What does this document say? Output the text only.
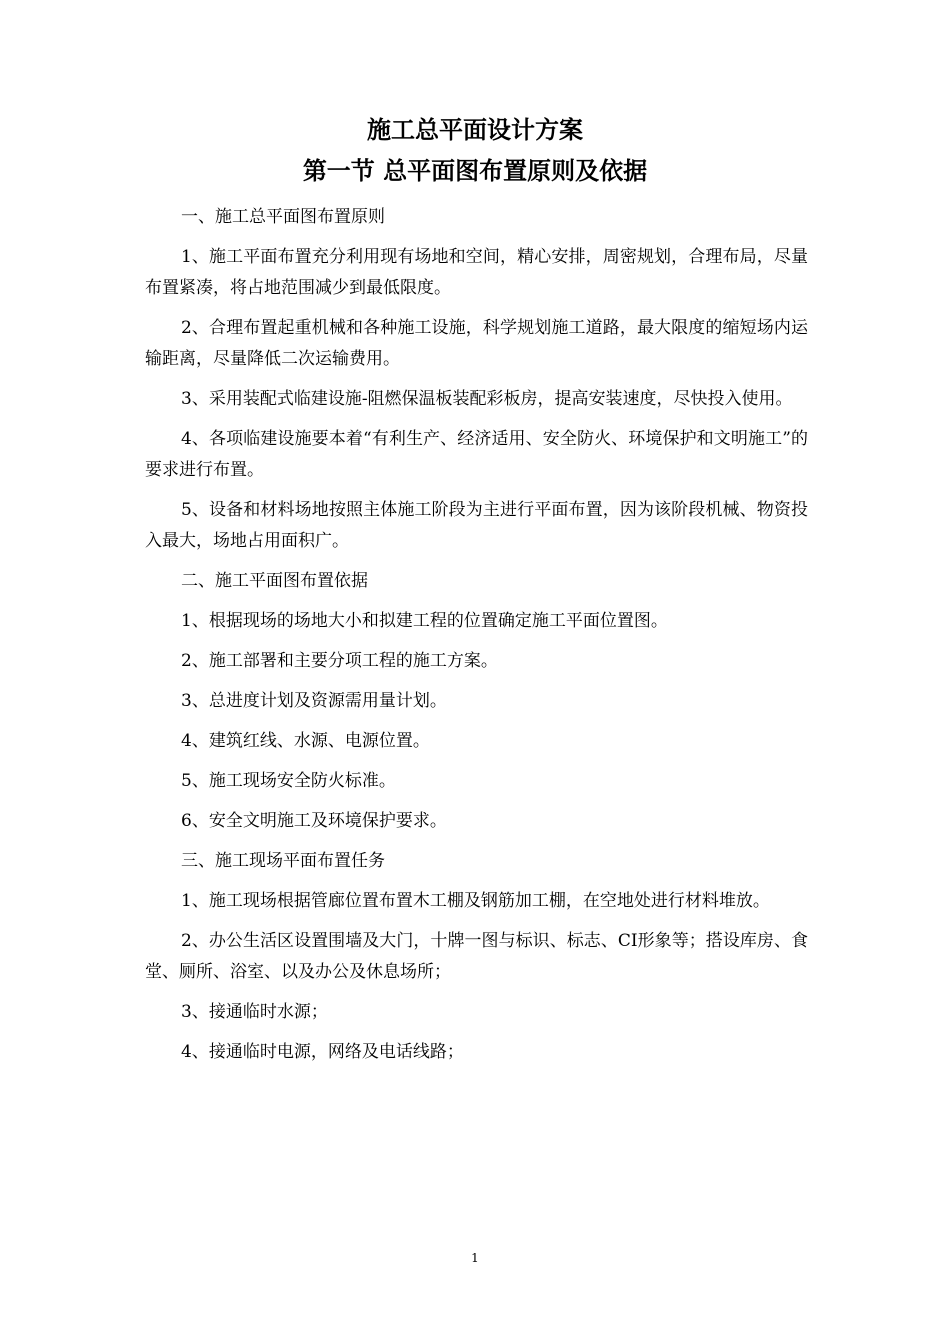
施工总平面设计方案
第一节 总平面图布置原则及依据

一、施工总平面图布置原则

1、施工平面布置充分利用现有场地和空间，精心安排，周密规划，合理布局，尽量布置紧凑，将占地范围减少到最低限度。

2、合理布置起重机械和各种施工设施，科学规划施工道路，最大限度的缩短场内运输距离，尽量降低二次运输费用。

3、采用装配式临建设施-阻燃保温板装配彩板房，提高安装速度，尽快投入使用。

4、各项临建设施要本着“有利生产、经济适用、安全防火、环境保护和文明施工”的要求进行布置。

5、设备和材料场地按照主体施工阶段为主进行平面布置，因为该阶段机械、物资投入最大，场地占用面积广。

二、施工平面图布置依据

1、根据现场的场地大小和拟建工程的位置确定施工平面位置图。

2、施工部署和主要分项工程的施工方案。

3、总进度计划及资源需用量计划。

4、建筑红线、水源、电源位置。

5、施工现场安全防火标准。

6、安全文明施工及环境保护要求。

三、施工现场平面布置任务

1、施工现场根据管廊位置布置木工棚及钢筋加工棚，在空地处进行材料堆放。

2、办公生活区设置围墙及大门，十牌一图与标识、标志、CI形象等；搭设库房、食堂、厕所、浴室、以及办公及休息场所；

3、接通临时水源；

4、接通临时电源，网络及电话线路；

1
